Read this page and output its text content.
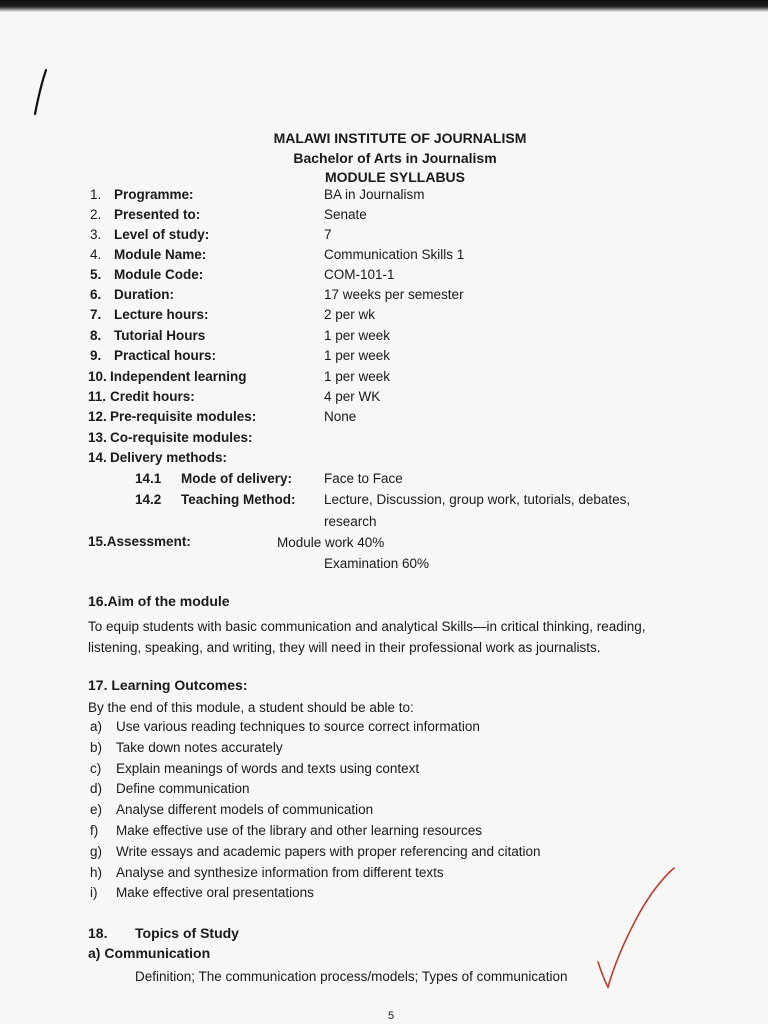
MALAWI INSTITUTE OF JOURNALISM
Bachelor of Arts in Journalism
MODULE SYLLABUS
1. Programme:	BA in Journalism
2. Presented to:	Senate
3. Level of study:	7
4. Module Name:	Communication Skills 1
5. Module Code:	COM-101-1
6. Duration:	17 weeks per semester
7. Lecture hours:	2 per wk
8. Tutorial Hours	1 per week
9. Practical hours:	1 per week
10. Independent learning	1 per week
11. Credit hours:	4 per WK
12. Pre-requisite modules:	None
13. Co-requisite modules:
14. Delivery methods:
14.1 Mode of delivery: Face to Face
14.2 Teaching Method: Lecture, Discussion, group work, tutorials, debates,
research
15.Assessment:	Module work 40%
Examination 60%
16.Aim of the module
To equip students with basic communication and analytical Skills—in critical thinking, reading,
listening, speaking, and writing, they will need in their professional work as journalists.
17. Learning Outcomes:
By the end of this module, a student should be able to:
a)	Use various reading techniques to source correct information
b)	Take down notes accurately
c)	Explain meanings of words and texts using context
d)	Define communication
e)	Analyse different models of communication
f)	Make effective use of the library and other learning resources
g)	Write essays and academic papers with proper referencing and citation
h)	Analyse and synthesize information from different texts
i)	Make effective oral presentations
18. Topics of Study
a) Communication
Definition; The communication process/models; Types of communication
5
